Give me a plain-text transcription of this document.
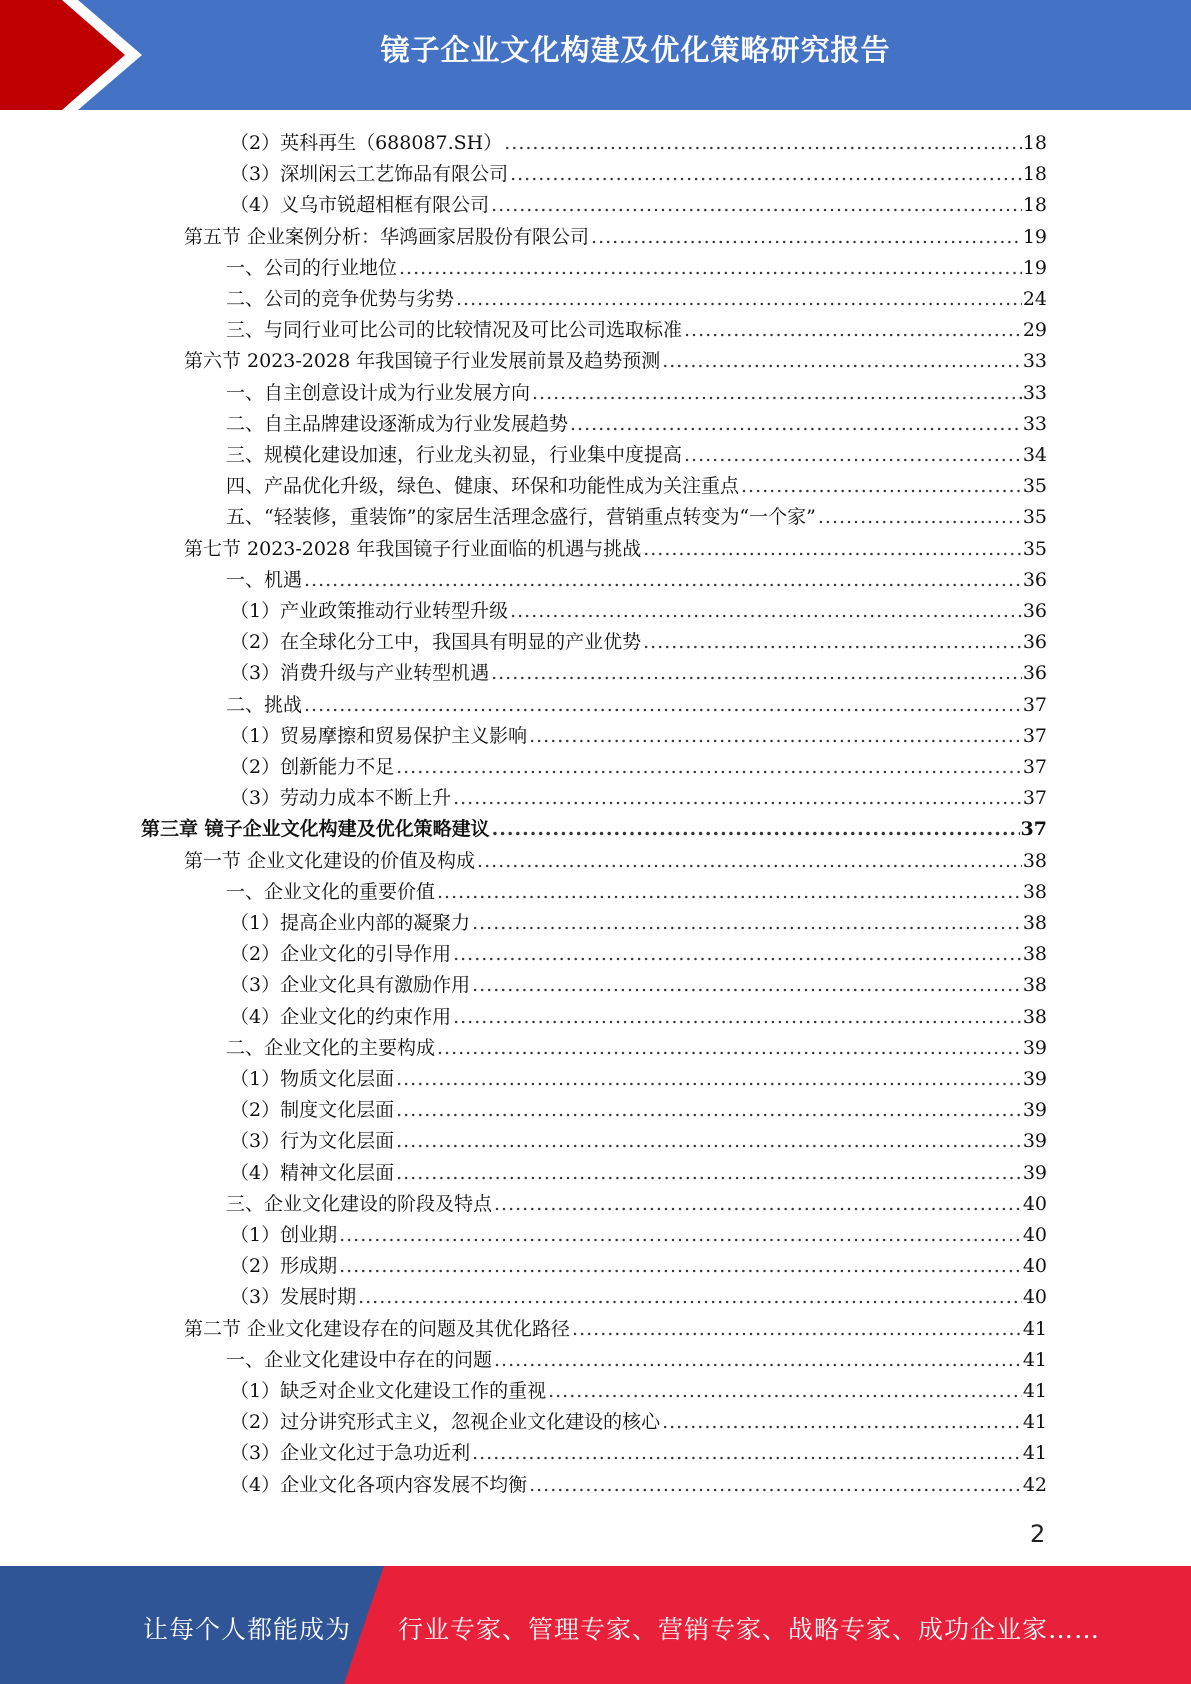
镜子企业文化构建及优化策略研究报告
（2）英科再生（688087.SH） .....	18
（3）深圳闲云工艺饰品有限公司 .....	18
（4）义乌市锐超相框有限公司 .....	18
第五节 企业案例分析：华鸿画家居股份有限公司 .....	19
一、公司的行业地位 .....	19
二、公司的竞争优势与劣势 .....	24
三、与同行业可比公司的比较情况及可比公司选取标准 .....	29
第六节 2023-2028 年我国镜子行业发展前景及趋势预测 .....	33
一、自主创意设计成为行业发展方向 .....	33
二、自主品牌建设逐渐成为行业发展趋势 .....	33
三、规模化建设加速，行业龙头初显，行业集中度提高 .....	34
四、产品优化升级，绿色、健康、环保和功能性成为关注重点 .....	35
五、“轻装修，重装饰”的家居生活理念盛行，营销重点转变为“一个家” .....	35
第七节 2023-2028 年我国镜子行业面临的机遇与挑战 .....	35
一、机遇 .....	36
（1）产业政策推动行业转型升级 .....	36
（2）在全球化分工中，我国具有明显的产业优势 .....	36
（3）消费升级与产业转型机遇 .....	36
二、挑战 .....	37
（1）贸易摩擦和贸易保护主义影响 .....	37
（2）创新能力不足 .....	37
（3）劳动力成本不断上升 .....	37
第三章 镜子企业文化构建及优化策略建议 .....	37
第一节 企业文化建设的价值及构成 .....	38
一、企业文化的重要价值 .....	38
（1）提高企业内部的凝聚力 .....	38
（2）企业文化的引导作用 .....	38
（3）企业文化具有激励作用 .....	38
（4）企业文化的约束作用 .....	38
二、企业文化的主要构成 .....	39
（1）物质文化层面 .....	39
（2）制度文化层面 .....	39
（3）行为文化层面 .....	39
（4）精神文化层面 .....	39
三、企业文化建设的阶段及特点 .....	40
（1）创业期 .....	40
（2）形成期 .....	40
（3）发展时期 .....	40
第二节 企业文化建设存在的问题及其优化路径 .....	41
一、企业文化建设中存在的问题 .....	41
（1）缺乏对企业文化建设工作的重视 .....	41
（2）过分讲究形式主义，忽视企业文化建设的核心 .....	41
（3）企业文化过于急功近利 .....	41
（4）企业文化各项内容发展不均衡 .....	42
2
让每个人都能成为 行业专家、管理专家、营销专家、战略专家、成功企业家……
